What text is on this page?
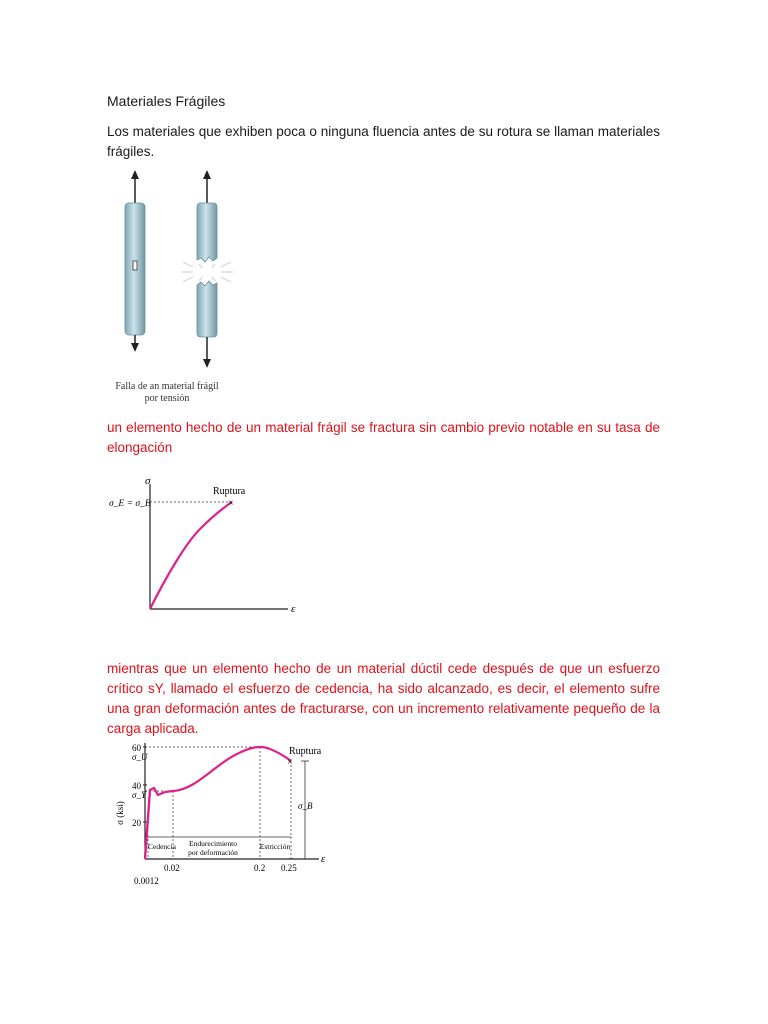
Materiales Frágiles
Los materiales que exhiben poca o ninguna fluencia antes de su rotura se llaman materiales frágiles.
Falla de an material frágil
por tensión
un elemento hecho de un material frágil se fractura sin cambio previo notable en su tasa de elongación
σ
ε
σ_E = σ_B	×
Ruptura
mientras que un elemento hecho de un material dúctil cede después de que un esfuerzo crítico sY, llamado el esfuerzo de cedencia, ha sido alcanzado, es decir, el elemento sufre una gran deformación antes de fracturarse, con un incremento relativamente pequeño de la carga aplicada.
ε
σ (ksi)
60
40
20
σ_U
σ_Y
×
Ruptura
σ_B
Cedencia Endurecimiento
por deformación
Estricción
0.02	0.2 0.25
0.0012
